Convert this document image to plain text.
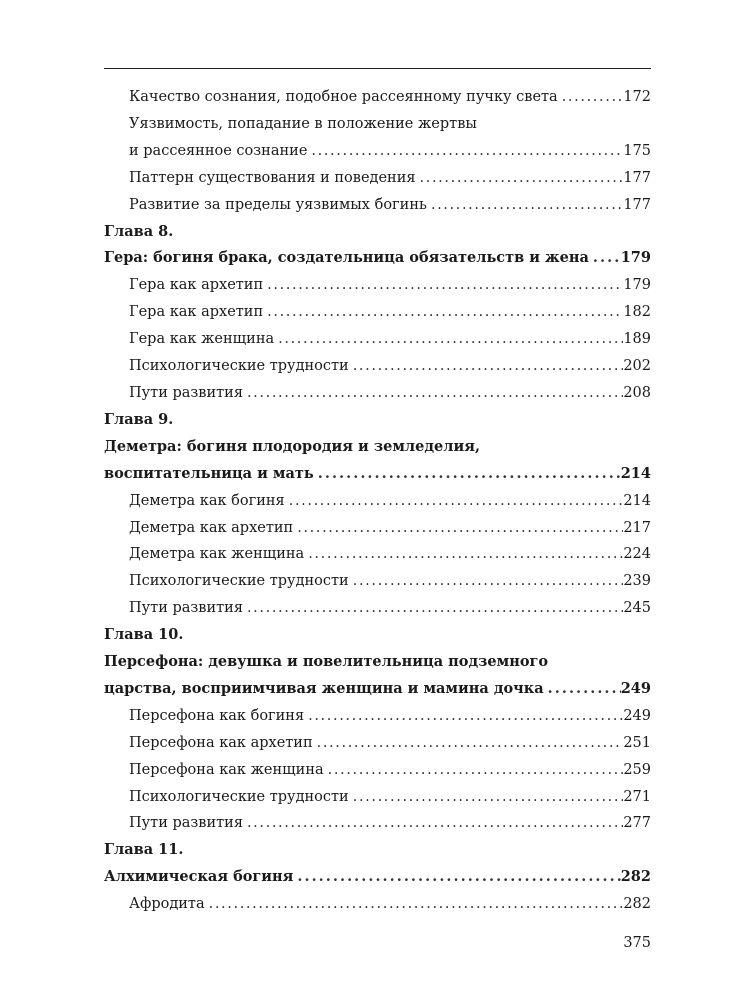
Качество сознания, подобное рассеянному пучку света . . .	172
Уязвимость, попадание в положение жертвы
и рассеянное сознание . . .	175
Паттерн существования и поведения . . .	177
Развитие за пределы уязвимых богинь . . .	177
Глава 8.
Гера: богиня брака, создательница обязательств и жена . . . 179
Гера как архетип . . .	179
Гера как архетип . . .	182
Гера как женщина . . .	189
Психологические трудности . . .	202
Пути развития . . .	208
Глава 9.
Деметра: богиня плодородия и земледелия,
воспитательница и мать . . .	214
Деметра как богиня . . .	214
Деметра как архетип . . .	217
Деметра как женщина . . .	224
Психологические трудности . . .	239
Пути развития . . .	245
Глава 10.
Персефона: девушка и повелительница подземного
царства, восприимчивая женщина и мамина дочка . . .	249
Персефона как богиня . . .	249
Персефона как архетип . . .	251
Персефона как женщина . . .	259
Психологические трудности . . .	271
Пути развития . . .	277
Глава 11.
Алхимическая богиня . . .	282
Афродита . . .	282
375
